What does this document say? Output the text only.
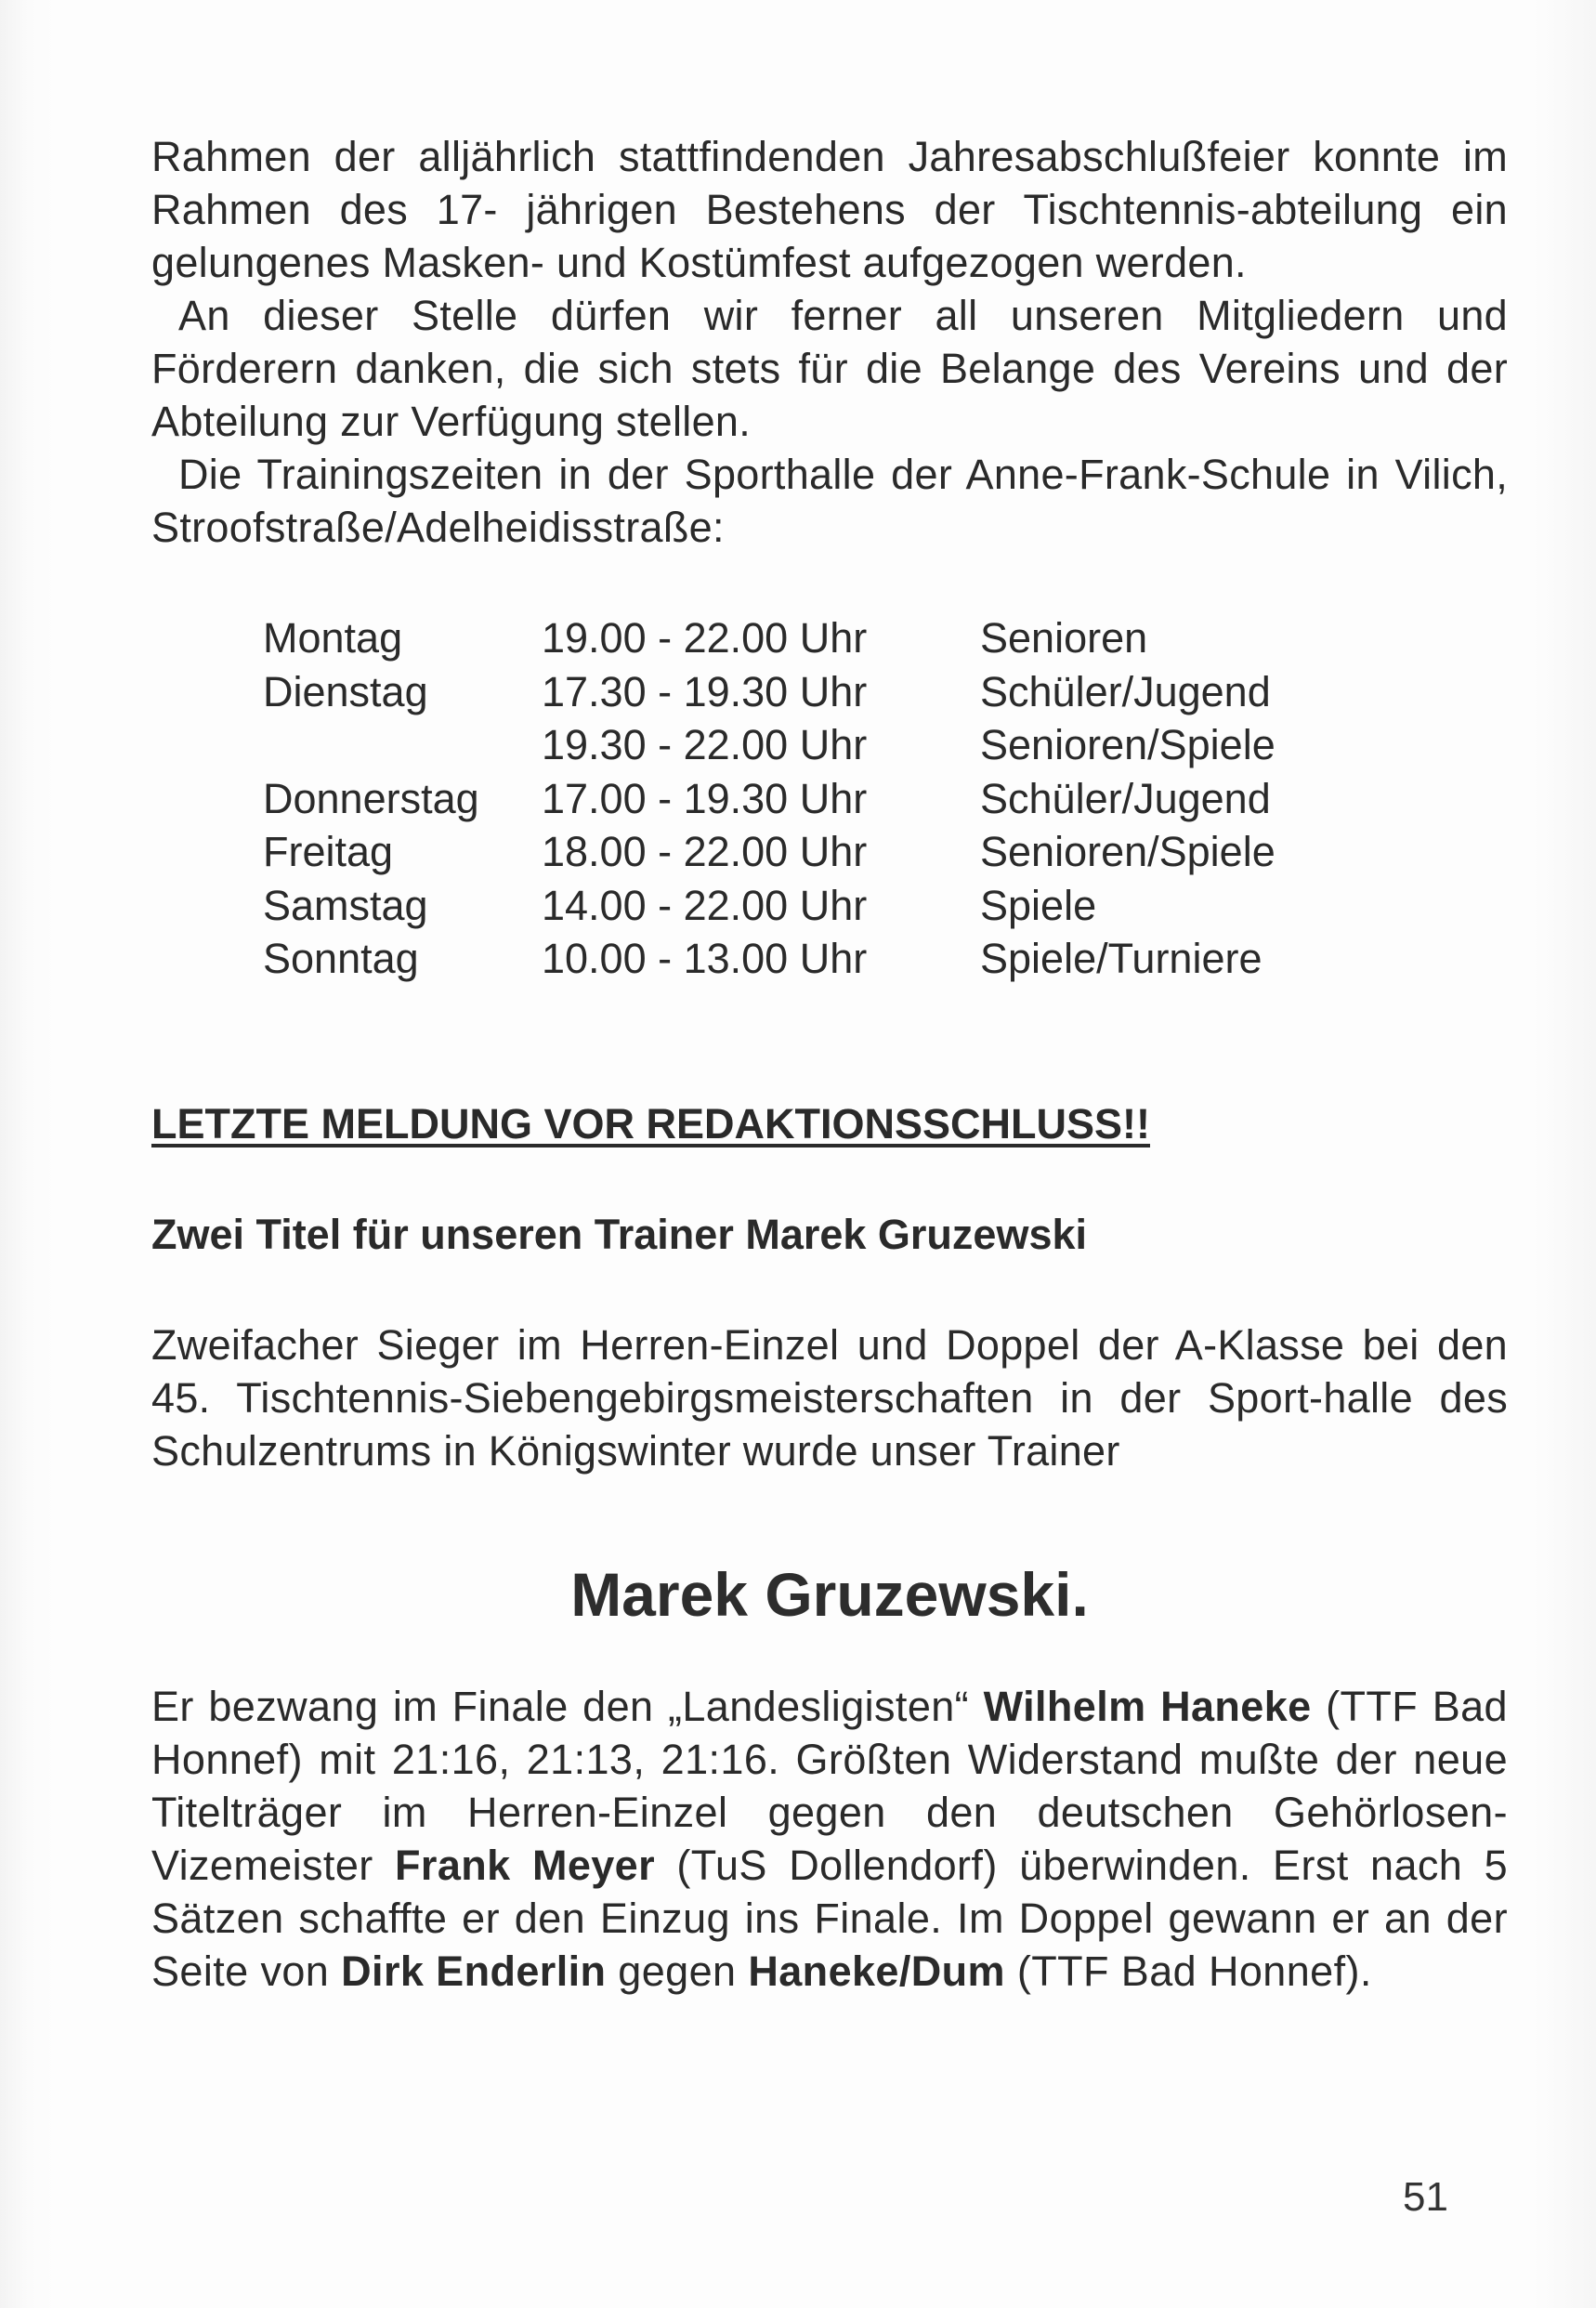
Rahmen der alljährlich stattfindenden Jahresabschlußfeier konnte im Rahmen des 17- jährigen Bestehens der Tischtennis-abteilung ein gelungenes Masken- und Kostümfest aufgezogen werden.

An dieser Stelle dürfen wir ferner all unseren Mitgliedern und Förderern danken, die sich stets für die Belange des Vereins und der Abteilung zur Verfügung stellen.

Die Trainingszeiten in der Sporthalle der Anne-Frank-Schule in Vilich, Stroofstraße/Adelheidisstraße:

Montag	19.00 - 22.00 Uhr	Senioren
Dienstag	17.30 - 19.30 Uhr	Schüler/Jugend
	19.30 - 22.00 Uhr	Senioren/Spiele
Donnerstag	17.00 - 19.30 Uhr	Schüler/Jugend
Freitag	18.00 - 22.00 Uhr	Senioren/Spiele
Samstag	14.00 - 22.00 Uhr	Spiele
Sonntag	10.00 - 13.00 Uhr	Spiele/Turniere
LETZTE MELDUNG VOR REDAKTIONSSCHLUSS!!
Zwei Titel für unseren Trainer Marek Gruzewski

Zweifacher Sieger im Herren-Einzel und Doppel der A-Klasse bei den 45. Tischtennis-Siebengebirgsmeisterschaften in der Sport-halle des Schulzentrums in Königswinter wurde unser Trainer

Marek Gruzewski.

Er bezwang im Finale den „Landesligisten“ Wilhelm Haneke (TTF Bad Honnef) mit 21:16, 21:13, 21:16. Größten Widerstand mußte der neue Titelträger im Herren-Einzel gegen den deutschen Gehörlosen-Vizemeister Frank Meyer (TuS Dollendorf) überwinden. Erst nach 5 Sätzen schaffte er den Einzug ins Finale. Im Doppel gewann er an der Seite von Dirk Enderlin gegen Haneke/Dum (TTF Bad Honnef).

51
